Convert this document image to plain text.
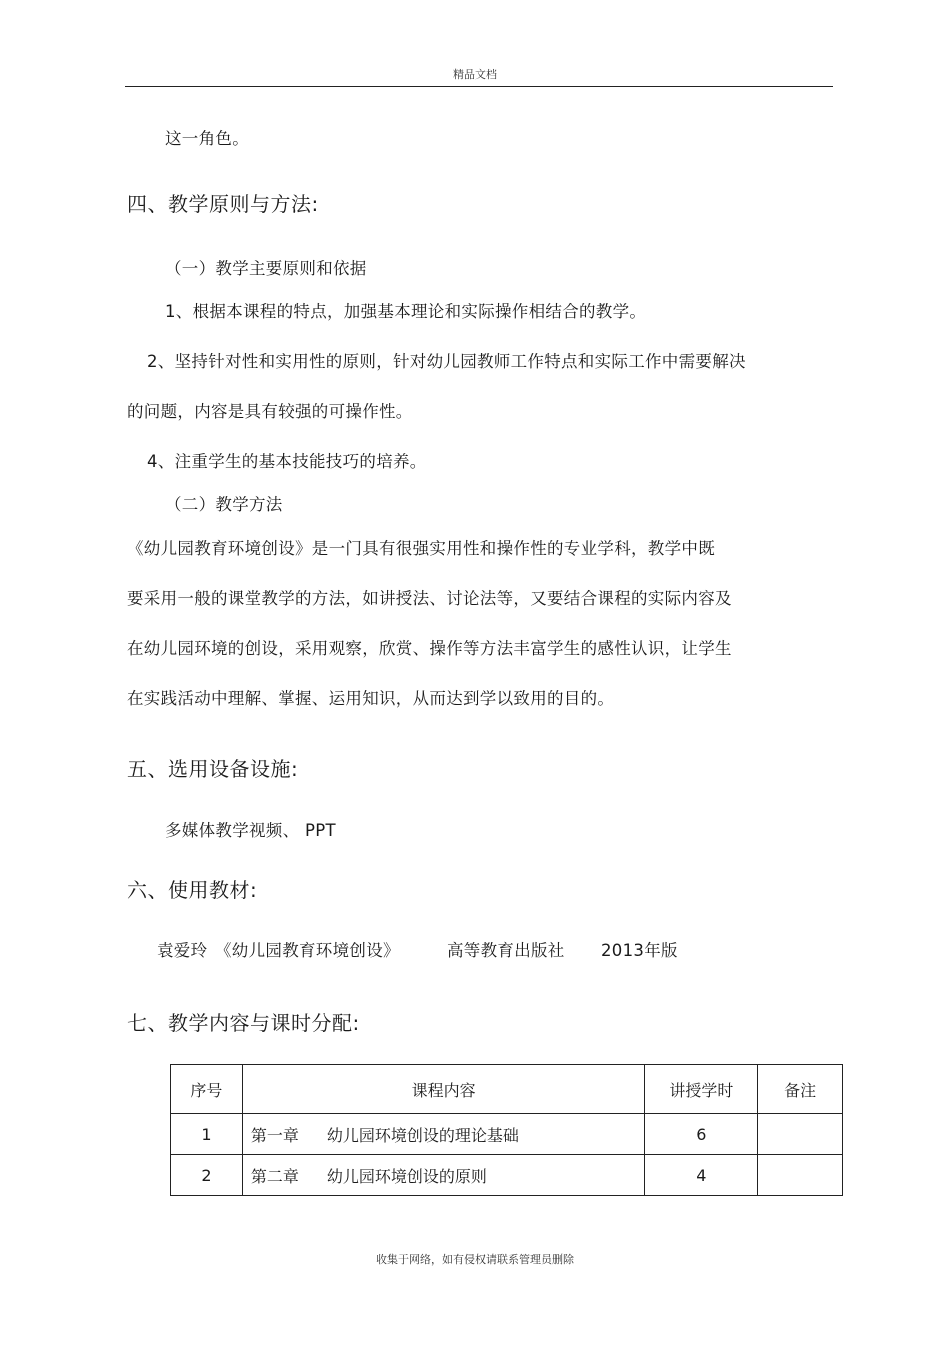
精品文档
这一角色。
四、教学原则与方法:
（一）教学主要原则和依据
1、根据本课程的特点，加强基本理论和实际操作相结合的教学。
2、坚持针对性和实用性的原则，针对幼儿园教师工作特点和实际工作中需要解决
的问题，内容是具有较强的可操作性。
4、注重学生的基本技能技巧的培养。
（二）教学方法
《幼儿园教育环境创设》是一门具有很强实用性和操作性的专业学科，教学中既
要采用一般的课堂教学的方法，如讲授法、讨论法等，又要结合课程的实际内容及
在幼儿园环境的创设，采用观察，欣赏、操作等方法丰富学生的感性认识，让学生
在实践活动中理解、掌握、运用知识，从而达到学以致用的目的。
五、选用设备设施:
多媒体教学视频、 PPT
六、使用教材:
袁爱玲 《幼儿园教育环境创设》	高等教育出版社 2013年版
七、教学内容与课时分配:
序号	课程内容	讲授学时	备注
1	第一章 幼儿园环境创设的理论基础	6	
2	第二章 幼儿园环境创设的原则	4	
收集于网络，如有侵权请联系管理员删除
